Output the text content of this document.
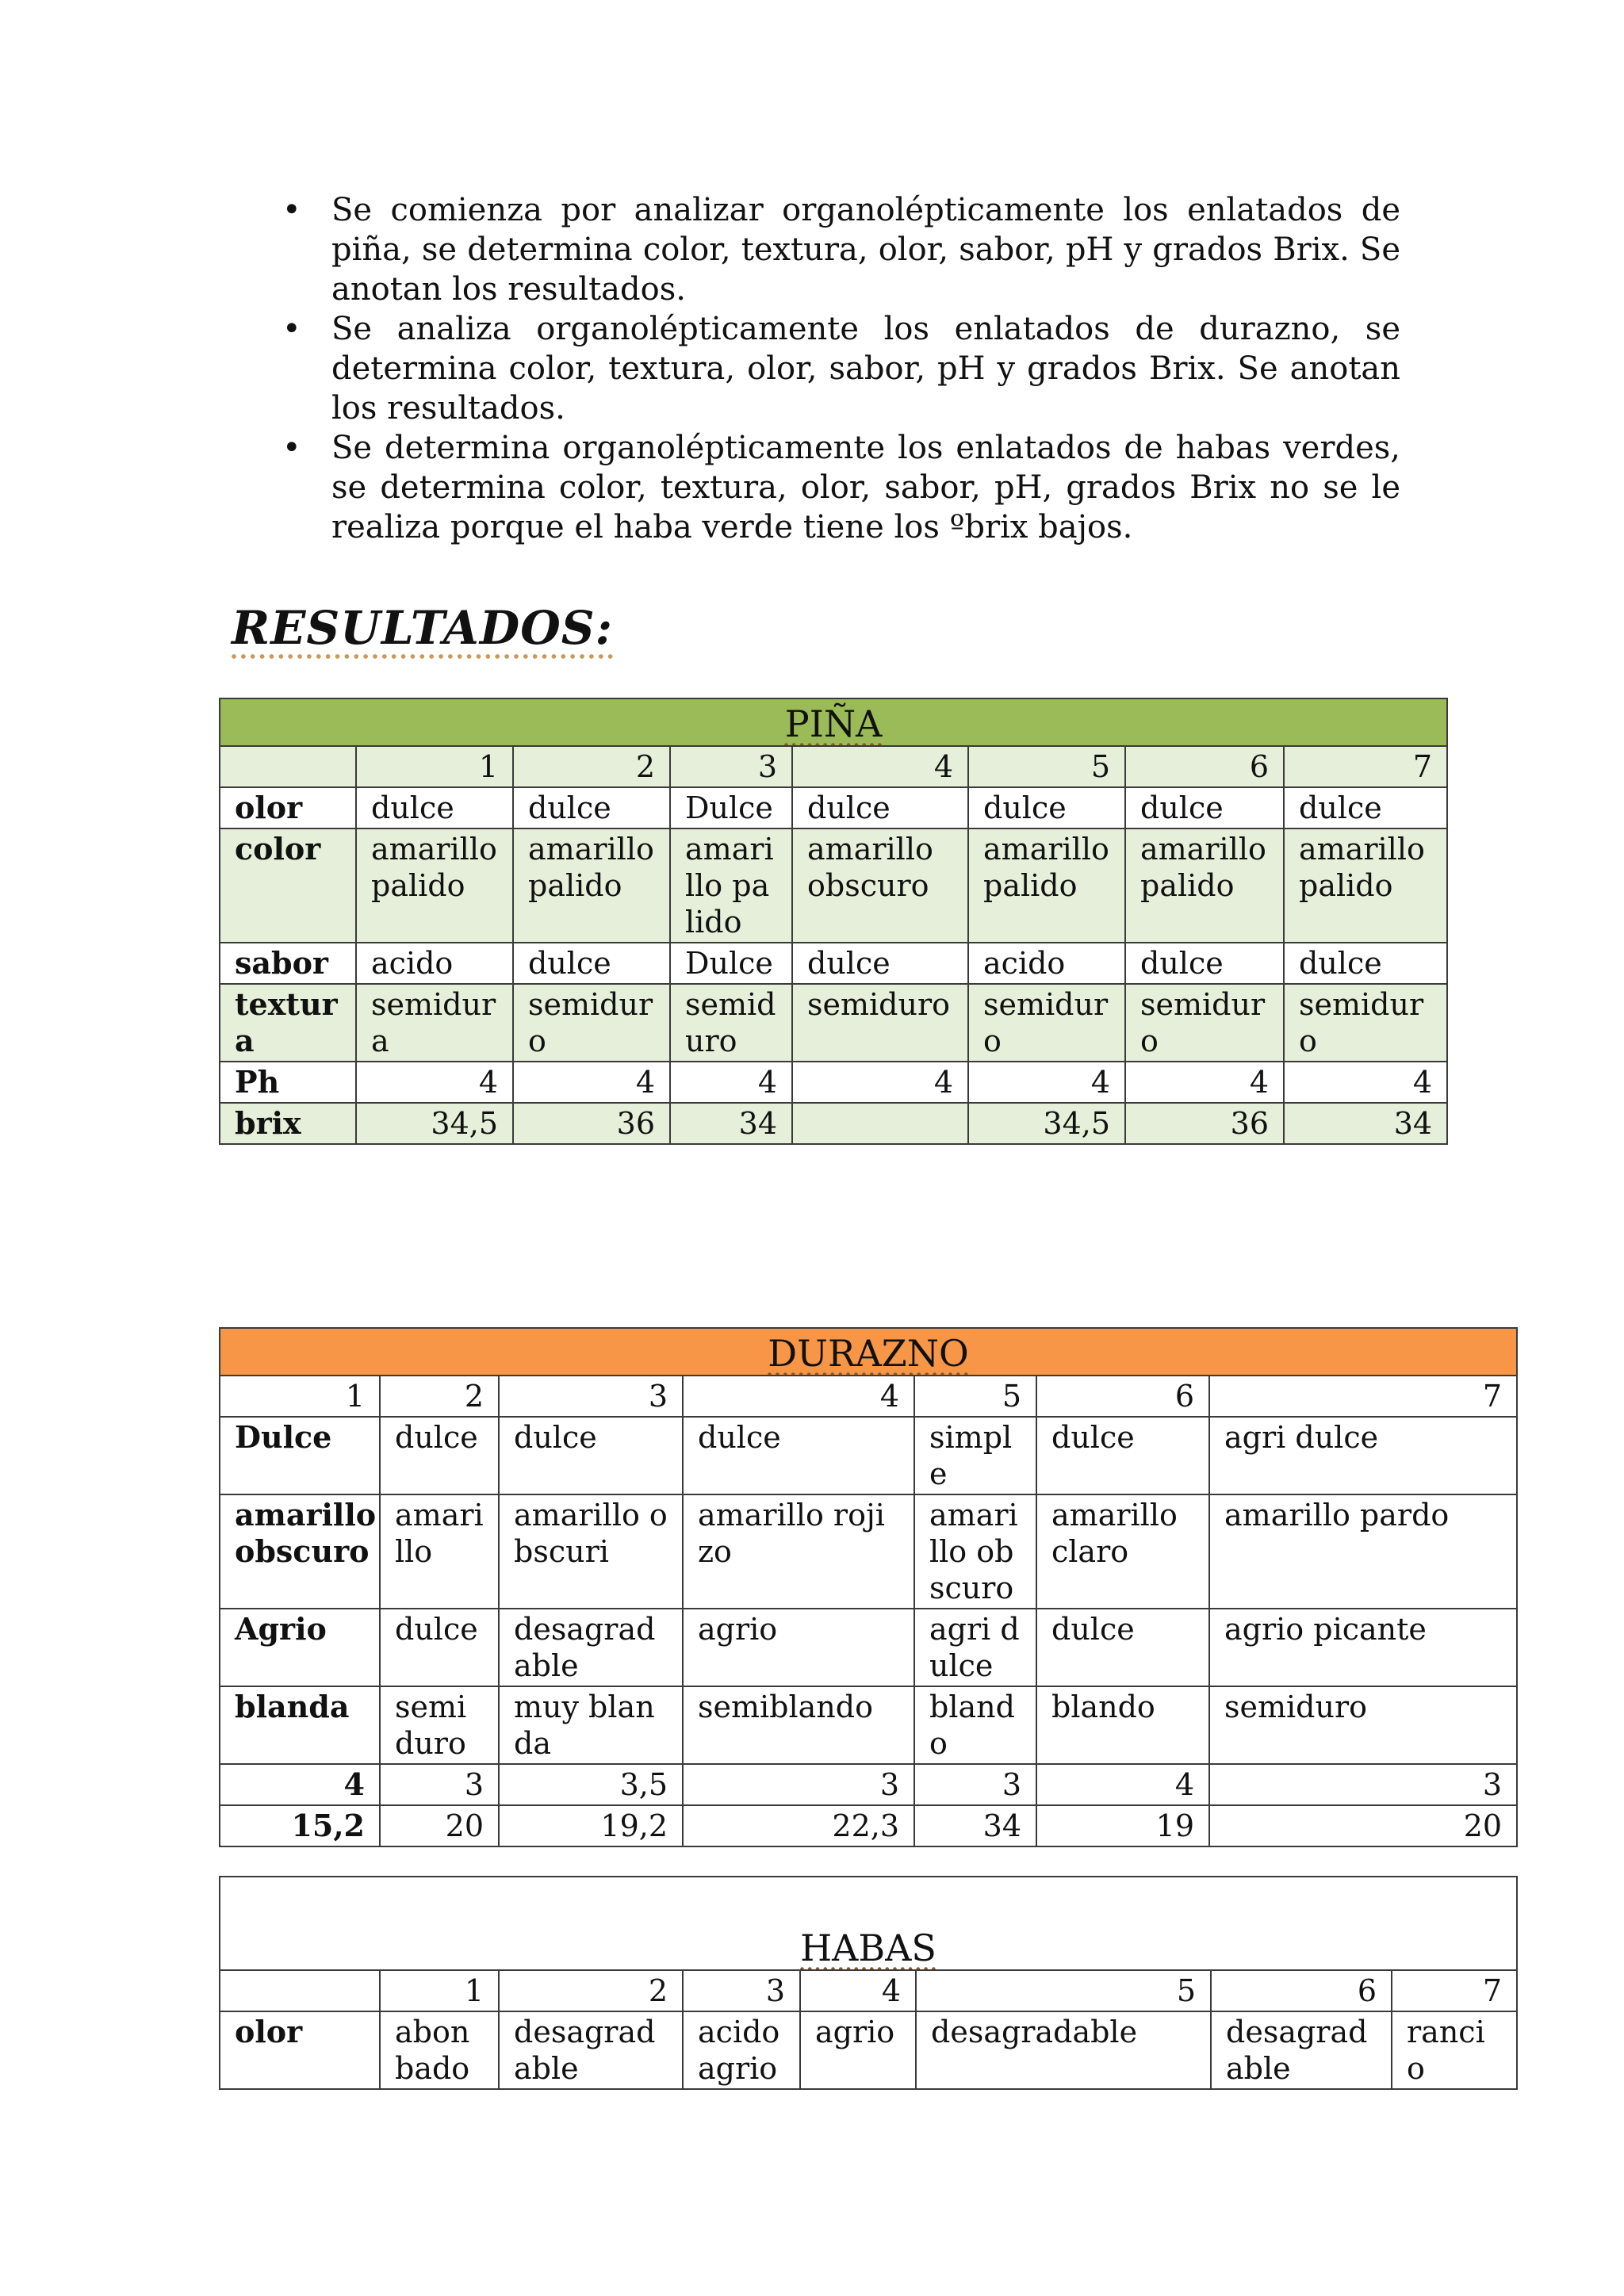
• Se comienza por analizar organolépticamente los enlatados de piña, se determina color, textura, olor, sabor, pH y grados Brix. Se anotan los resultados.
• Se analiza organolépticamente los enlatados de durazno, se determina color, textura, olor, sabor, pH y grados Brix. Se anotan los resultados.
• Se determina organolépticamente los enlatados de habas verdes, se determina color, textura, olor, sabor, pH, grados Brix no se le realiza porque el haba verde tiene los ºbrix bajos.
RESULTADOS:
PIÑA							
	1	2	3	4	5	6	7
olor	dulce	dulce	Dulce	dulce	dulce	dulce	dulce
color	amarillo palido	amarillo palido	amarillo palido	amarillo obscuro	amarillo palido	amarillo palido	amarillo palido
sabor	acido	dulce	Dulce	dulce	acido	dulce	dulce
textura	semidura	semiduro	semiduro	semiduro	semiduro	semiduro	semiduro
Ph	4	4	4	4	4	4	4
brix	34,5	36	34		34,5	36	34
DURAZNO						
1	2	3	4	5	6	7
Dulce	dulce	dulce	dulce	simple	dulce	agri dulce
amarillo obscuro	amarillo	amarillo obscuri	amarillo rojizo	amarillo obscuro	amarillo claro	amarillo pardo
Agrio	dulce	desagradable	agrio	agri dulce	dulce	agrio picante
blanda	semiduro	muy blanda	semiblando	blando	blando	semiduro
4	3	3,5	3	3	4	3
15,2	20	19,2	22,3	34	19	20
HABAS							
	1	2	3	4	5	6	7
olor	abonbado	desagradable	acido agrio	agrio	desagradable	desagradable	rancio
